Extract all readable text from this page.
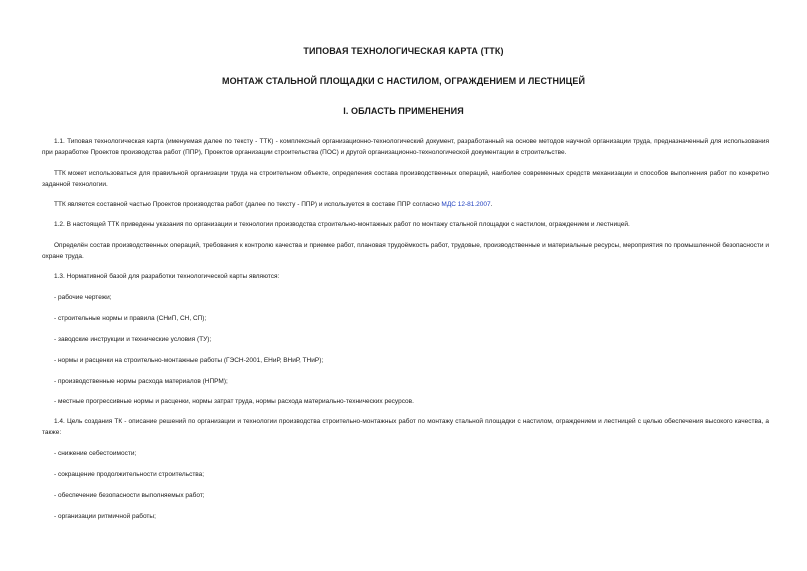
ТИПОВАЯ ТЕХНОЛОГИЧЕСКАЯ КАРТА (ТТК)
МОНТАЖ СТАЛЬНОЙ ПЛОЩАДКИ С НАСТИЛОМ, ОГРАЖДЕНИЕМ И ЛЕСТНИЦЕЙ
I. ОБЛАСТЬ ПРИМЕНЕНИЯ

1.1. Типовая технологическая карта (именуемая далее по тексту - ТТК) - комплексный организационно-технологический документ, разработанный на основе методов научной организации труда, предназначенный для использования при разработке Проектов производства работ (ППР), Проектов организации строительства (ПОС) и другой организационно-технологической документации в строительстве.

ТТК может использоваться для правильной организации труда на строительном объекте, определения состава производственных операций, наиболее современных средств механизации и способов выполнения работ по конкретно заданной технологии.

ТТК является составной частью Проектов производства работ (далее по тексту - ППР) и используется в составе ППР согласно МДС 12-81.2007.

1.2. В настоящей ТТК приведены указания по организации и технологии производства строительно-монтажных работ по монтажу стальной площадки с настилом, ограждением и лестницей.

Определён состав производственных операций, требования к контролю качества и приемке работ, плановая трудоёмкость работ, трудовые, производственные и материальные ресурсы, мероприятия по промышленной безопасности и охране труда.

1.3. Нормативной базой для разработки технологической карты являются:

- рабочие чертежи;

- строительные нормы и правила (СНиП, СН, СП);

- заводские инструкции и технические условия (ТУ);

- нормы и расценки на строительно-монтажные работы (ГЭСН-2001, ЕНиР, ВНиР, ТНиР);

- производственные нормы расхода материалов (НПРМ);

- местные прогрессивные нормы и расценки, нормы затрат труда, нормы расхода материально-технических ресурсов.

1.4. Цель создания ТК - описание решений по организации и технологии производства строительно-монтажных работ по монтажу стальной площадки с настилом, ограждением и лестницей с целью обеспечения высокого качества, а также:

- снижение себестоимости;

- сокращение продолжительности строительства;

- обеспечение безопасности выполняемых работ;

- организации ритмичной работы;
